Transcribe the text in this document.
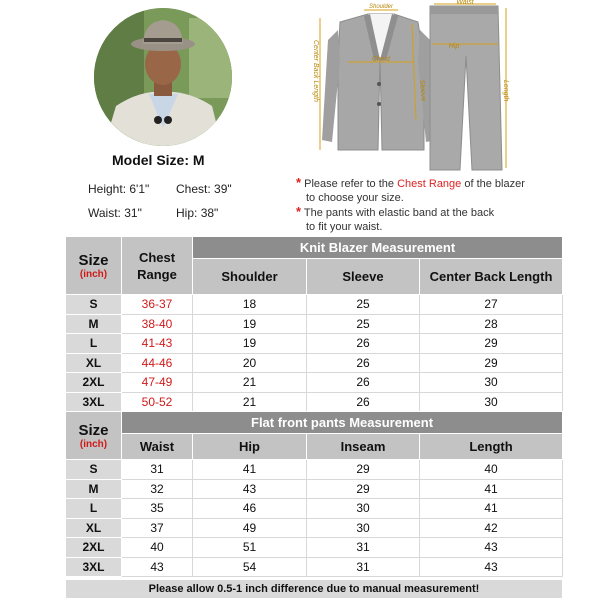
Model Size: M
Height: 6'1" Chest: 39"
Waist: 31"	Hip: 38"
Shoulder
Chest
Sleeve
Center Back Length
Waist
Hip
Length
* Please refer to the Chest Range of the blazer
to choose your size.
* The pants with elastic band at the back
to fit your waist.
Size
(inch)	Chest Range	Knit Blazer Measurement		
		Shoulder	Sleeve	Center Back Length
S	36-37	18	25	27
M	38-40	19	25	28
L	41-43	19	26	29
XL	44-46	20	26	29
2XL	47-49	21	26	30
3XL	50-52	21	26	30
Size
(inch)	Flat front pants Measurement			
	Waist	Hip	Inseam	Length
S	31	41	29	40
M	32	43	29	41
L	35	46	30	41
XL	37	49	30	42
2XL	40	51	31	43
3XL	43	54	31	43
Please allow 0.5-1 inch difference due to manual measurement!
